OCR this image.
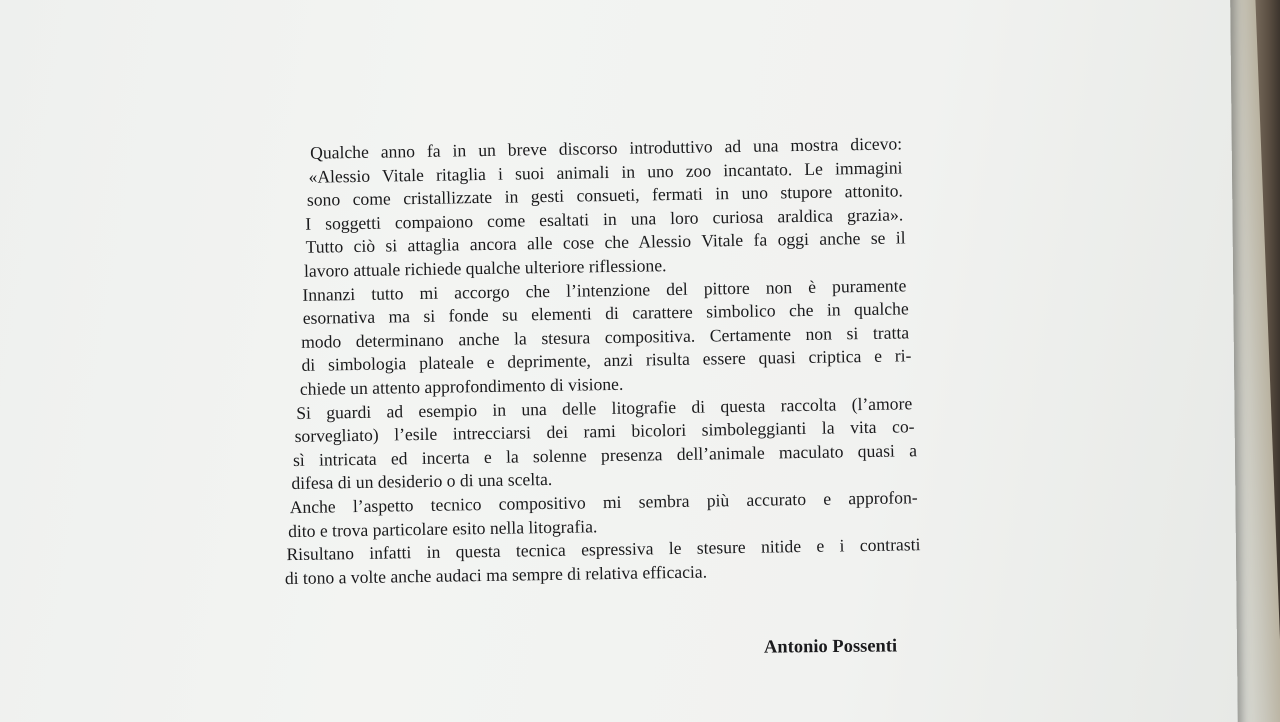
Qualche anno fa in un breve discorso introduttivo ad una mostra dicevo:
«Alessio Vitale ritaglia i suoi animali in uno zoo incantato. Le immagini
sono come cristallizzate in gesti consueti, fermati in uno stupore attonito.
I soggetti compaiono come esaltati in una loro curiosa araldica grazia».
Tutto ciò si attaglia ancora alle cose che Alessio Vitale fa oggi anche se il
lavoro attuale richiede qualche ulteriore riflessione.
Innanzi tutto mi accorgo che l’intenzione del pittore non è puramente
esornativa ma si fonde su elementi di carattere simbolico che in qualche
modo determinano anche la stesura compositiva. Certamente non si tratta
di simbologia plateale e deprimente, anzi risulta essere quasi criptica e ri-
chiede un attento approfondimento di visione.
Si guardi ad esempio in una delle litografie di questa raccolta (l’amore
sorvegliato) l’esile intrecciarsi dei rami bicolori simboleggianti la vita co-
sì intricata ed incerta e la solenne presenza dell’animale maculato quasi a
difesa di un desiderio o di una scelta.
Anche l’aspetto tecnico compositivo mi sembra più accurato e approfon-
dito e trova particolare esito nella litografia.
Risultano infatti in questa tecnica espressiva le stesure nitide e i contrasti
di tono a volte anche audaci ma sempre di relativa efficacia.
Antonio Possenti
